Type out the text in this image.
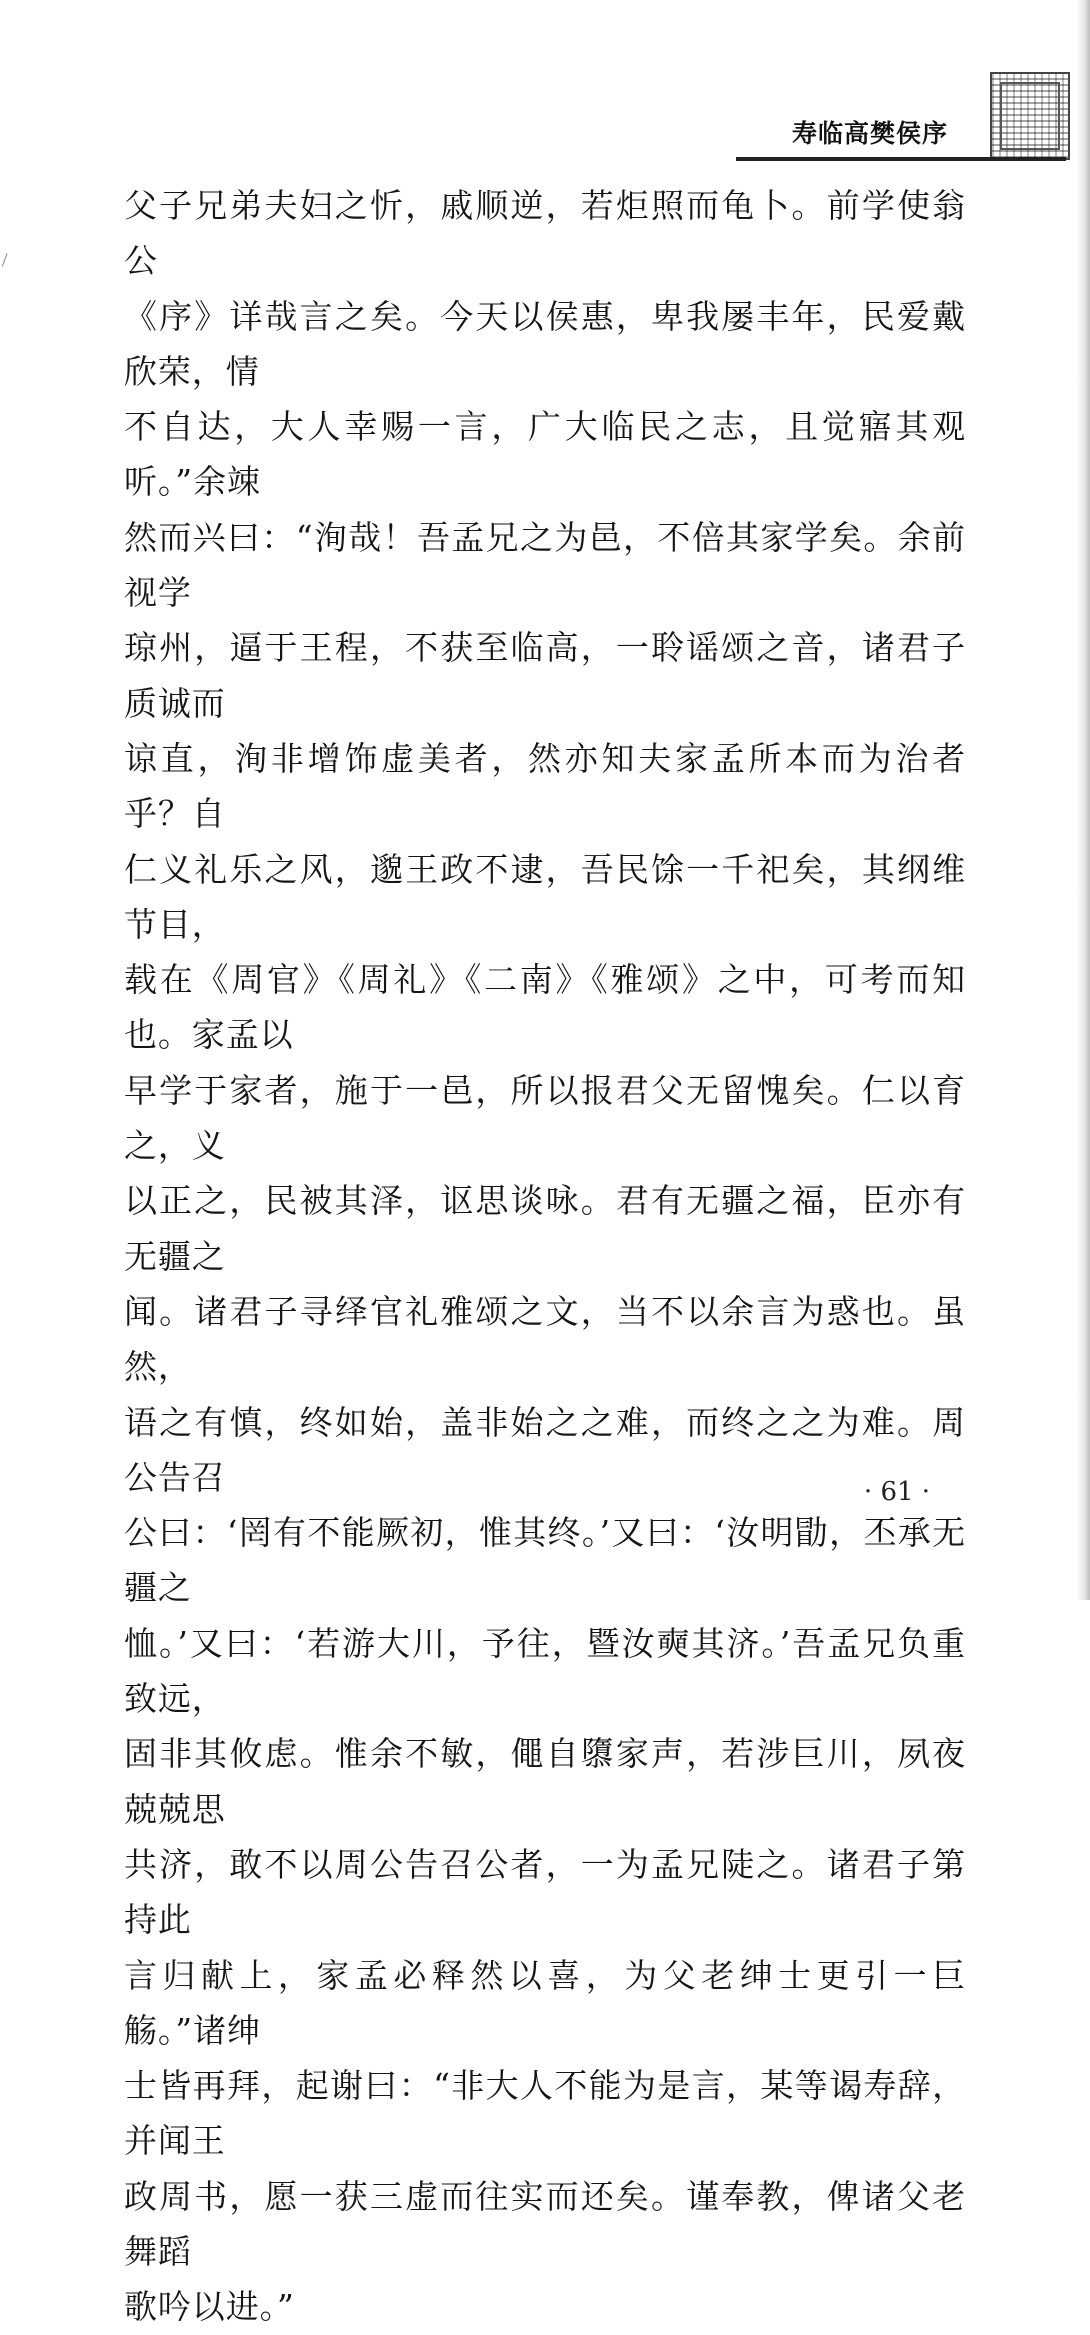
寿临高樊侯序

父子兄弟夫妇之忻，戚顺逆，若炬照而龟卜。前学使翁公

《序》详哉言之矣。今天以侯惠，卑我屡丰年，民爱戴欣荣，情

不自达，大人幸赐一言，广大临民之志，且觉寤其观听。”余竦

然而兴曰：“洵哉！吾孟兄之为邑，不倍其家学矣。余前视学

琼州，逼于王程，不获至临高，一聆谣颂之音，诸君子质诚而

谅直，洵非增饰虚美者，然亦知夫家孟所本而为治者乎？自

仁义礼乐之风，邈王政不逮，吾民馀一千祀矣，其纲维节目，

载在《周官》《周礼》《二南》《雅颂》之中，可考而知也。家孟以

早学于家者，施于一邑，所以报君父无留愧矣。仁以育之，义

以正之，民被其泽，讴思谈咏。君有无疆之福，臣亦有无疆之

闻。诸君子寻绎官礼雅颂之文，当不以余言为惑也。虽然，

语之有慎，终如始，盖非始之之难，而终之之为难。周公告召

公曰：‘罔有不能厥初，惟其终。’又曰：‘汝明勖，丕承无疆之

恤。’又曰：‘若游大川，予往，暨汝奭其济。’吾孟兄负重致远，

固非其攸虑。惟余不敏，僶自隳家声，若涉巨川，夙夜兢兢思

共济，敢不以周公告召公者，一为孟兄陡之。诸君子第持此

言归献上，家孟必释然以喜，为父老绅士更引一巨觞。”诸绅

士皆再拜，起谢曰：“非大人不能为是言，某等谒寿辞，并闻王

政周书，愿一获三虚而往实而还矣。谨奉教，俾诸父老舞蹈

歌吟以进。”

· 61 ·
